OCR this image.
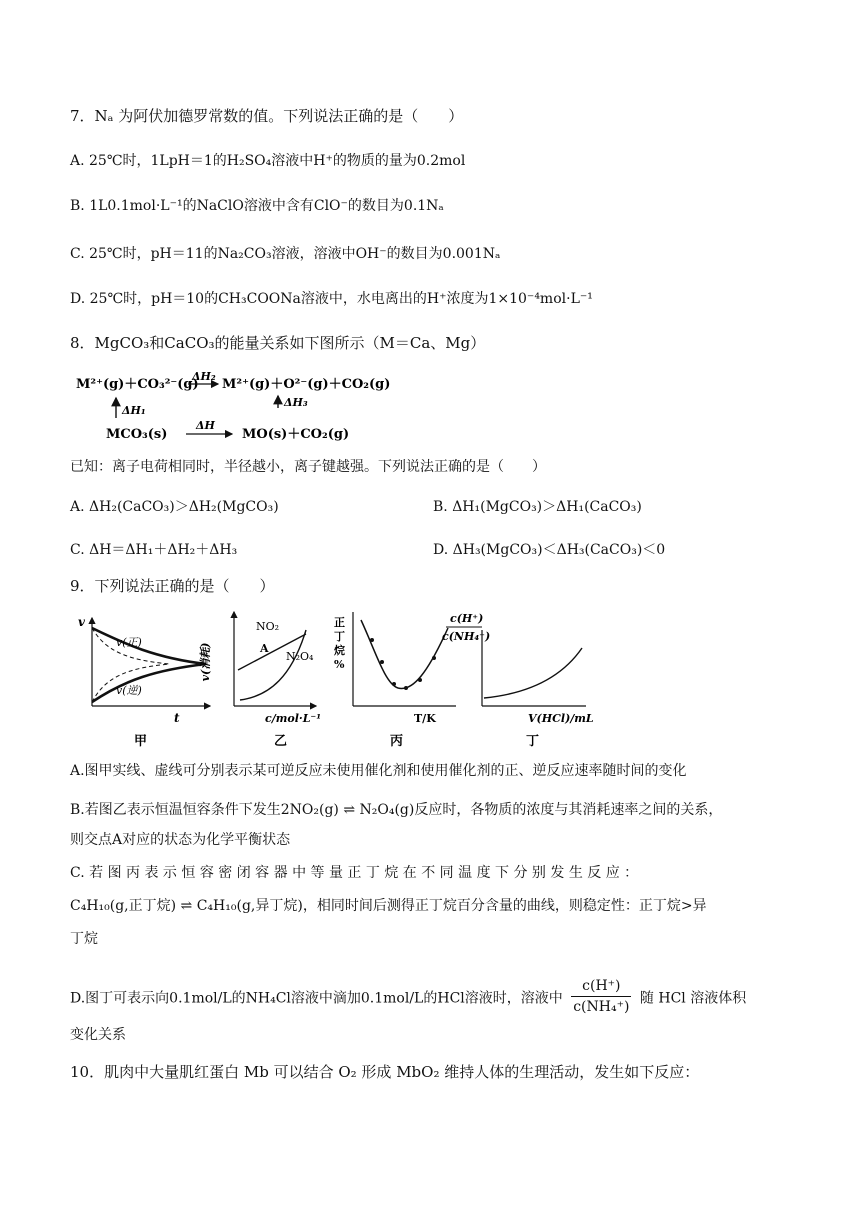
7．Nₐ 为阿伏加德罗常数的值。下列说法正确的是（　　）
A. 25℃时，1LpH＝1的H₂SO₄溶液中H⁺的物质的量为0.2mol
B. 1L0.1mol·L⁻¹的NaClO溶液中含有ClO⁻的数目为0.1Nₐ
C. 25℃时，pH＝11的Na₂CO₃溶液，溶液中OH⁻的数目为0.001Nₐ
D. 25℃时，pH＝10的CH₃COONa溶液中，水电离出的H⁺浓度为1×10⁻⁴mol·L⁻¹
8．MgCO₃和CaCO₃的能量关系如下图所示（M＝Ca、Mg）
M²⁺(g)＋CO₃²⁻(g)
ΔH₂
M²⁺(g)＋O²⁻(g)＋CO₂(g)
ΔH₁
ΔH₃
MCO₃(s)
ΔH
MO(s)＋CO₂(g)
已知：离子电荷相同时，半径越小，离子键越强。下列说法正确的是（　　）
A. ΔH₂(CaCO₃)＞ΔH₂(MgCO₃)	B. ΔH₁(MgCO₃)＞ΔH₁(CaCO₃)
C. ΔH＝ΔH₁＋ΔH₂＋ΔH₃	D. ΔH₃(MgCO₃)＜ΔH₃(CaCO₃)＜0
9．下列说法正确的是（　　）
v
t
v(正)
v(逆)
甲
v(消耗)
c/mol·L⁻¹
NO₂
N₂O₄
A
乙
正
丁
烷
%
T/K
丙
c(H⁺)
c(NH₄⁺)
V(HCl)/mL
丁
A.图甲实线、虚线可分别表示某可逆反应未使用催化剂和使用催化剂的正、逆反应速率随时间的变化
B.若图乙表示恒温恒容条件下发生2NO₂(g) ⇌ N₂O₄(g)反应时，各物质的浓度与其消耗速率之间的关系，
则交点A对应的状态为化学平衡状态
C. 若 图 丙 表 示 恒 容 密 闭 容 器 中 等 量 正 丁 烷 在 不 同 温 度 下 分 别 发 生 反 应 ：
C₄H₁₀(g,正丁烷) ⇌ C₄H₁₀(g,异丁烷)，相同时间后测得正丁烷百分含量的曲线，则稳定性：正丁烷>异
丁烷
D.图丁可表示向0.1mol/L的NH₄Cl溶液中滴加0.1mol/L的HCl溶液时，溶液中 $\frac{c(H^+)}{\text{c(NH₄⁺)}}$ 随 HCl 溶液体积
变化关系
10．肌肉中大量肌红蛋白 Mb 可以结合 O₂ 形成 MbO₂ 维持人体的生理活动，发生如下反应：
